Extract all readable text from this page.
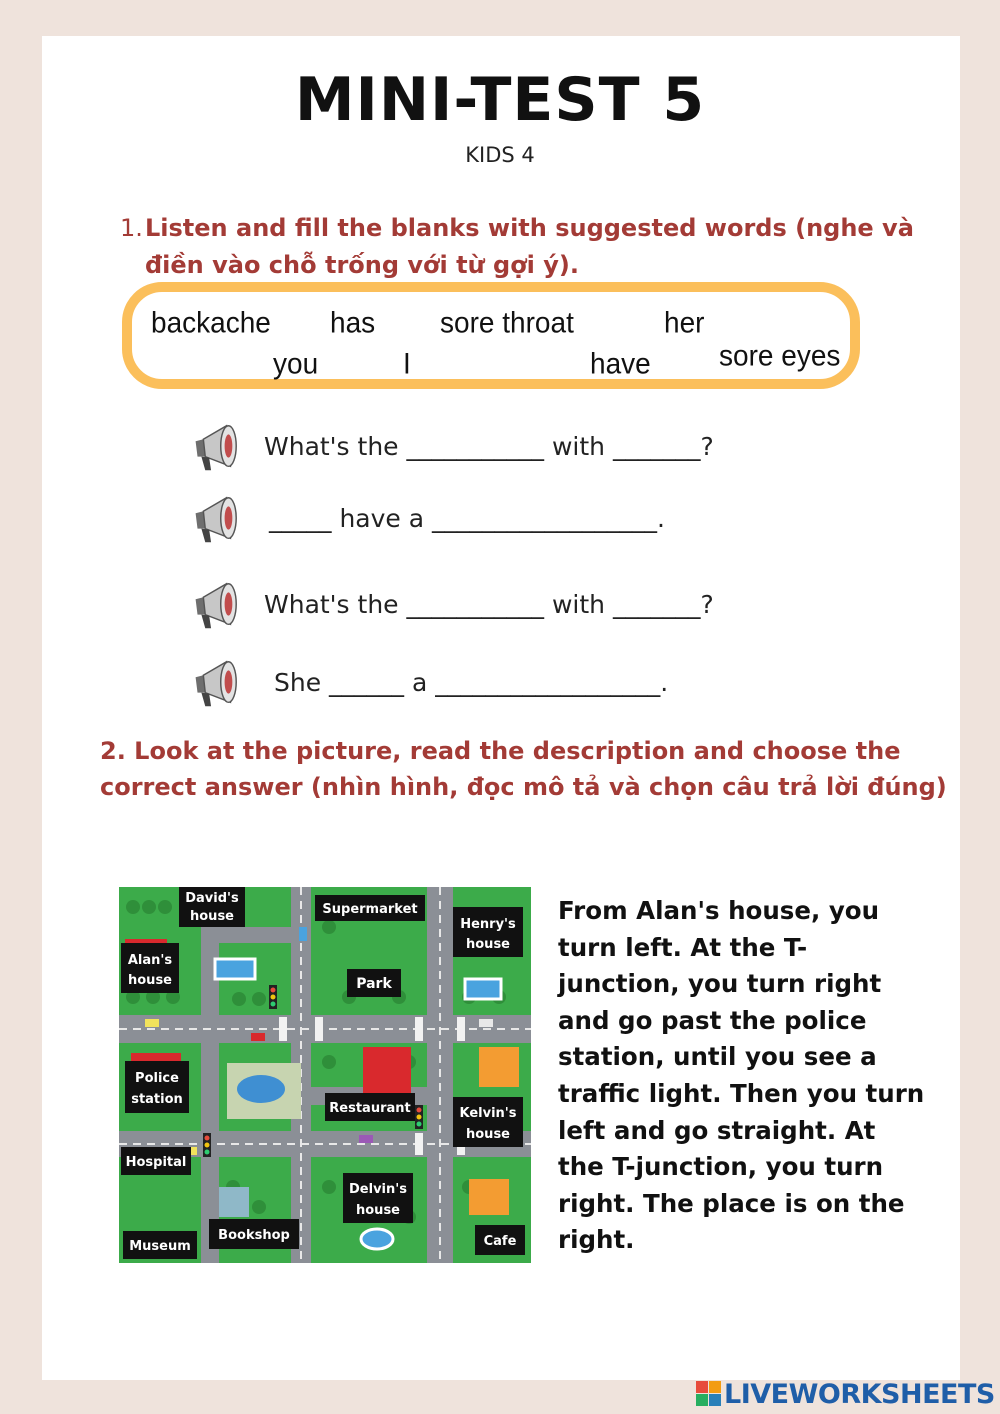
MINI-TEST 5
KIDS 4
1. Listen and fill the blanks with suggested words (nghe và điền vào chỗ trống với từ gợi ý).
backache has sore throat	her
you	I	have sore eyes
What's the ___________ with _______?
_____ have a __________________.
What's the ___________ with _______?
She ______ a __________________.
2. Look at the picture, read the description and choose the correct answer (nhìn hình, đọc mô tả và chọn câu trả lời đúng)
David's
house	Supermarket
Henry's
house
Alan's
house	Park
Police
station
Restaurant	Kelvin's
house
Hospital
Delvin's
house
Bookshop
Museum	Cafe
From Alan's house, you turn left. At the T-junction, you turn right and go past the police station, until you see a traffic light. Then you turn left and go straight. At the T-junction, you turn right. The place is on the right.
LIVEWORKSHEETS
